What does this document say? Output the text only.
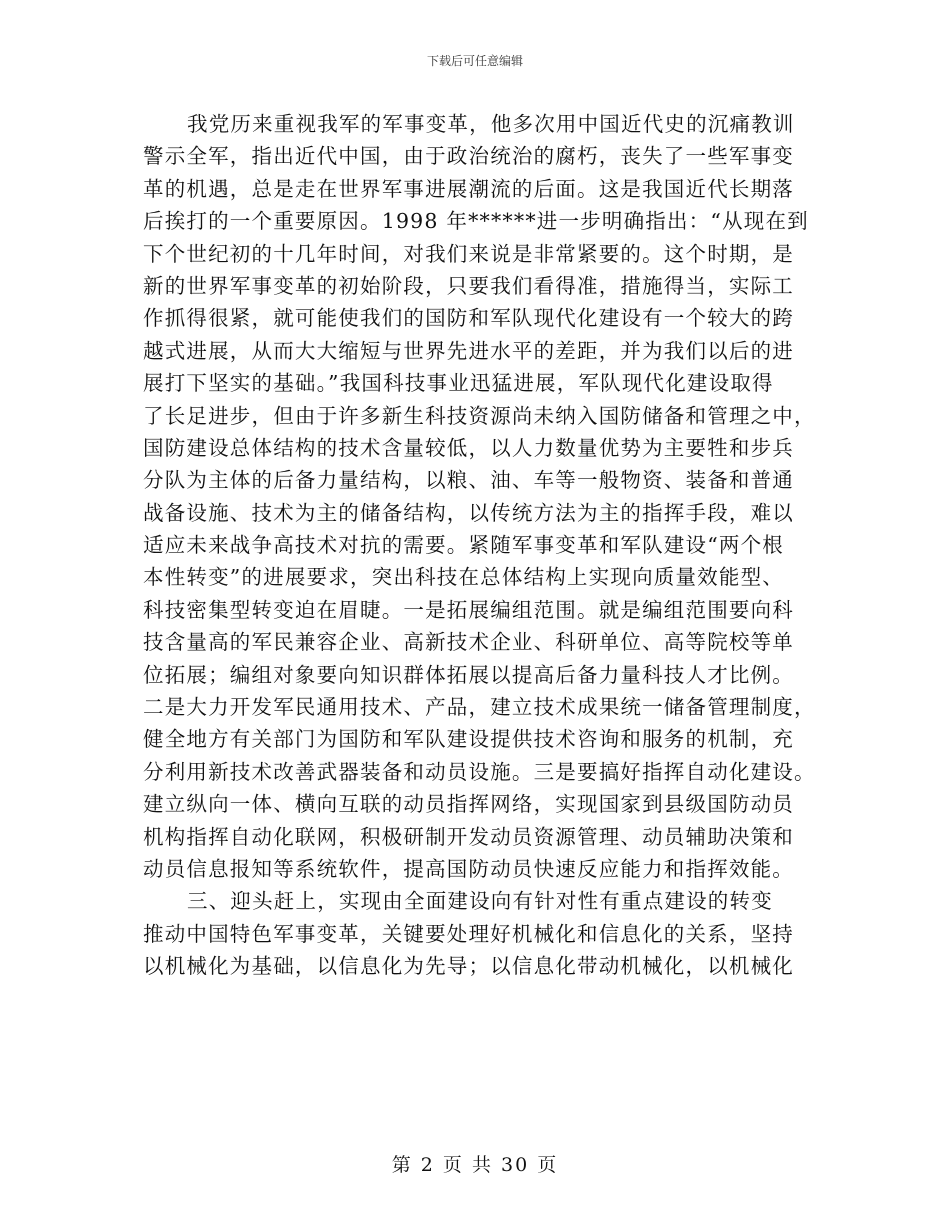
下载后可任意编辑
我党历来重视我军的军事变革，他多次用中国近代史的沉痛教训
警示全军，指出近代中国，由于政治统治的腐朽，丧失了一些军事变
革的机遇，总是走在世界军事进展潮流的后面。这是我国近代长期落
后挨打的一个重要原因。1998 年******进一步明确指出：“从现在到
下个世纪初的十几年时间，对我们来说是非常紧要的。这个时期，是
新的世界军事变革的初始阶段，只要我们看得准，措施得当，实际工
作抓得很紧，就可能使我们的国防和军队现代化建设有一个较大的跨
越式进展，从而大大缩短与世界先进水平的差距，并为我们以后的进
展打下坚实的基础。”我国科技事业迅猛进展，军队现代化建设取得
了长足进步，但由于许多新生科技资源尚未纳入国防储备和管理之中，
国防建设总体结构的技术含量较低，以人力数量优势为主要牲和步兵
分队为主体的后备力量结构，以粮、油、车等一般物资、装备和普通
战备设施、技术为主的储备结构，以传统方法为主的指挥手段，难以
适应未来战争高技术对抗的需要。紧随军事变革和军队建设“两个根
本性转变”的进展要求，突出科技在总体结构上实现向质量效能型、
科技密集型转变迫在眉睫。一是拓展编组范围。就是编组范围要向科
技含量高的军民兼容企业、高新技术企业、科研单位、高等院校等单
位拓展；编组对象要向知识群体拓展以提高后备力量科技人才比例。
二是大力开发军民通用技术、产品，建立技术成果统一储备管理制度，
健全地方有关部门为国防和军队建设提供技术咨询和服务的机制，充
分利用新技术改善武器装备和动员设施。三是要搞好指挥自动化建设。
建立纵向一体、横向互联的动员指挥网络，实现国家到县级国防动员
机构指挥自动化联网，积极研制开发动员资源管理、动员辅助决策和
动员信息报知等系统软件，提高国防动员快速反应能力和指挥效能。
三、迎头赶上，实现由全面建设向有针对性有重点建设的转变
推动中国特色军事变革，关键要处理好机械化和信息化的关系，坚持
以机械化为基础，以信息化为先导；以信息化带动机械化，以机械化
第 2 页 共 30 页
